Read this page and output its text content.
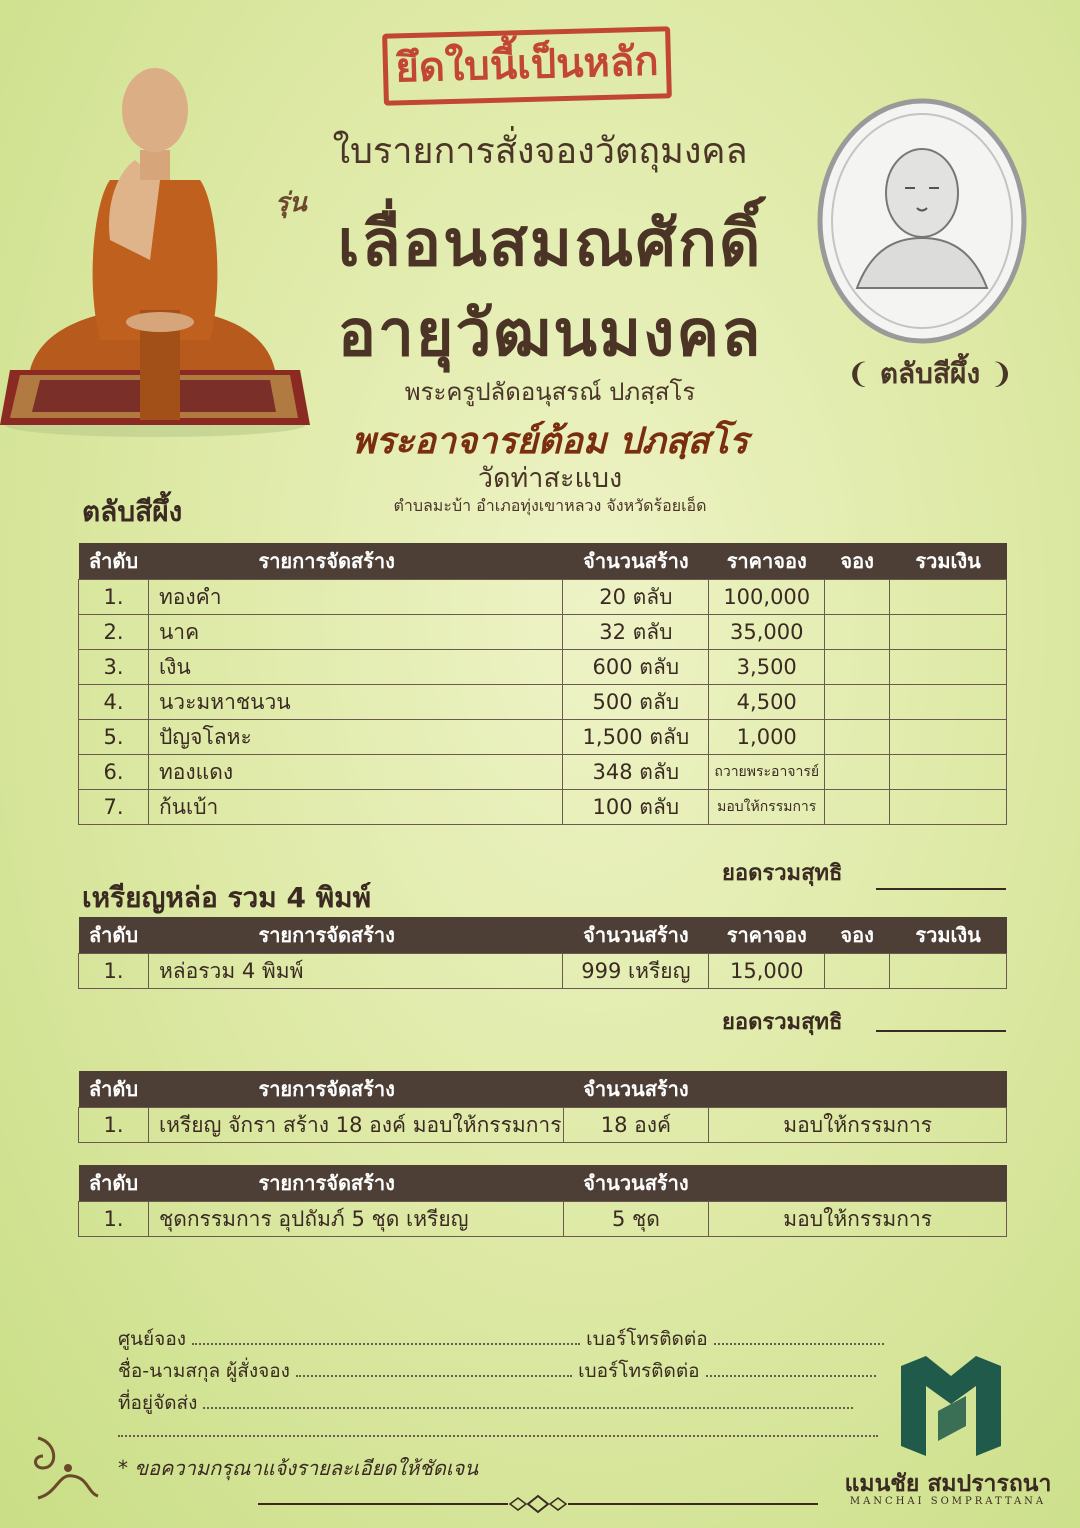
ยึดใบนี้เป็นหลัก
ใบรายการสั่งจองวัตถุมงคล
รุ่น
เลื่อนสมณศักดิ์
อายุวัฒนมงคล
พระครูปลัดอนุสรณ์ ปภสฺสโร
พระอาจารย์ต้อม ปภสฺสโร
วัดท่าสะแบง
ตำบลมะบ้า อำเภอทุ่งเขาหลวง จังหวัดร้อยเอ็ด
❨ ตลับสีผึ้ง ❩
ตลับสีผึ้ง
ลำดับ	รายการจัดสร้าง	จำนวนสร้าง	ราคาจอง	จอง	รวมเงิน
1.	ทองคำ	20 ตลับ	100,000		
2.	นาค	32 ตลับ	35,000		
3.	เงิน	600 ตลับ	3,500		
4.	นวะมหาชนวน	500 ตลับ	4,500		
5.	ปัญจโลหะ	1,500 ตลับ	1,000		
6.	ทองแดง	348 ตลับ	ถวายพระอาจารย์		
7.	ก้นเบ้า	100 ตลับ	มอบให้กรรมการ		
ยอดรวมสุทธิ
เหรียญหล่อ รวม 4 พิมพ์
ลำดับ	รายการจัดสร้าง	จำนวนสร้าง	ราคาจอง	จอง	รวมเงิน
1.	หล่อรวม 4 พิมพ์	999 เหรียญ	15,000		
ยอดรวมสุทธิ
ลำดับ	รายการจัดสร้าง	จำนวนสร้าง	
1.	เหรียญ จักรา สร้าง 18 องค์ มอบให้กรรมการ	18 องค์	มอบให้กรรมการ
ลำดับ	รายการจัดสร้าง	จำนวนสร้าง	
1.	ชุดกรรมการ อุปถัมภ์ 5 ชุด เหรียญ	5 ชุด	มอบให้กรรมการ
ศูนย์จอง	เบอร์โทรติดต่อ
ชื่อ-นามสกุล ผู้สั่งจอง	เบอร์โทรติดต่อ
ที่อยู่จัดส่ง
* ขอความกรุณาแจ้งรายละเอียดให้ชัดเจน
แมนชัย สมปรารถนา
MANCHAI SOMPRATTANA
